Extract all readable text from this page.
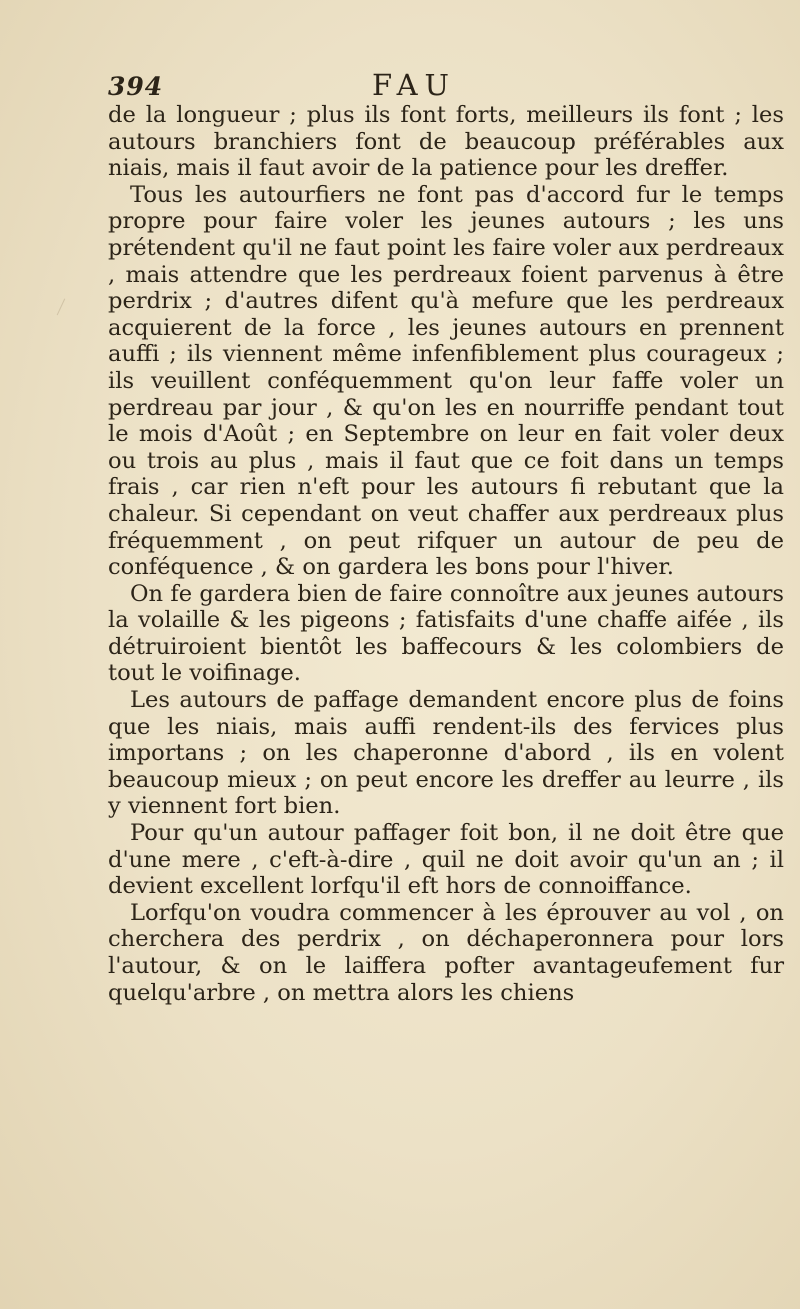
394	FAU

de la longueur ; plus ils font forts, meilleurs ils font ; les autours branchiers font de beaucoup préférables aux niais, mais il faut avoir de la patience pour les dreffer.

Tous les autourfiers ne font pas d'accord fur le temps propre pour faire voler les jeunes autours ; les uns prétendent qu'il ne faut point les faire voler aux perdreaux , mais attendre que les perdreaux foient parvenus à être perdrix ; d'autres difent qu'à mefure que les perdreaux acquierent de la force , les jeunes autours en prennent auffi ; ils viennent même infenfiblement plus courageux ; ils veuillent conféquemment qu'on leur faffe voler un perdreau par jour , & qu'on les en nourriffe pendant tout le mois d'Août ; en Septembre on leur en fait voler deux ou trois au plus , mais il faut que ce foit dans un temps frais , car rien n'eft pour les autours fi rebutant que la chaleur. Si cependant on veut chaffer aux perdreaux plus fréquemment , on peut rifquer un autour de peu de conféquence , & on gardera les bons pour l'hiver.

On fe gardera bien de faire connoître aux jeunes autours la volaille & les pigeons ; fatisfaits d'une chaffe aifée , ils détruiroient bientôt les baffecours & les colombiers de tout le voifinage.

Les autours de paffage demandent encore plus de foins que les niais, mais auffi rendent-ils des fervices plus importans ; on les chaperonne d'abord , ils en volent beaucoup mieux ; on peut encore les dreffer au leurre , ils y viennent fort bien.

Pour qu'un autour paffager foit bon, il ne doit être que d'une mere , c'eft-à-dire , quil ne doit avoir qu'un an ; il devient excellent lorfqu'il eft hors de connoiffance.

Lorfqu'on voudra commencer à les éprouver au vol , on cherchera des perdrix , on déchaperonnera pour lors l'autour, & on le laiffera pofter avantageufement fur quelqu'arbre , on mettra alors les chiens
